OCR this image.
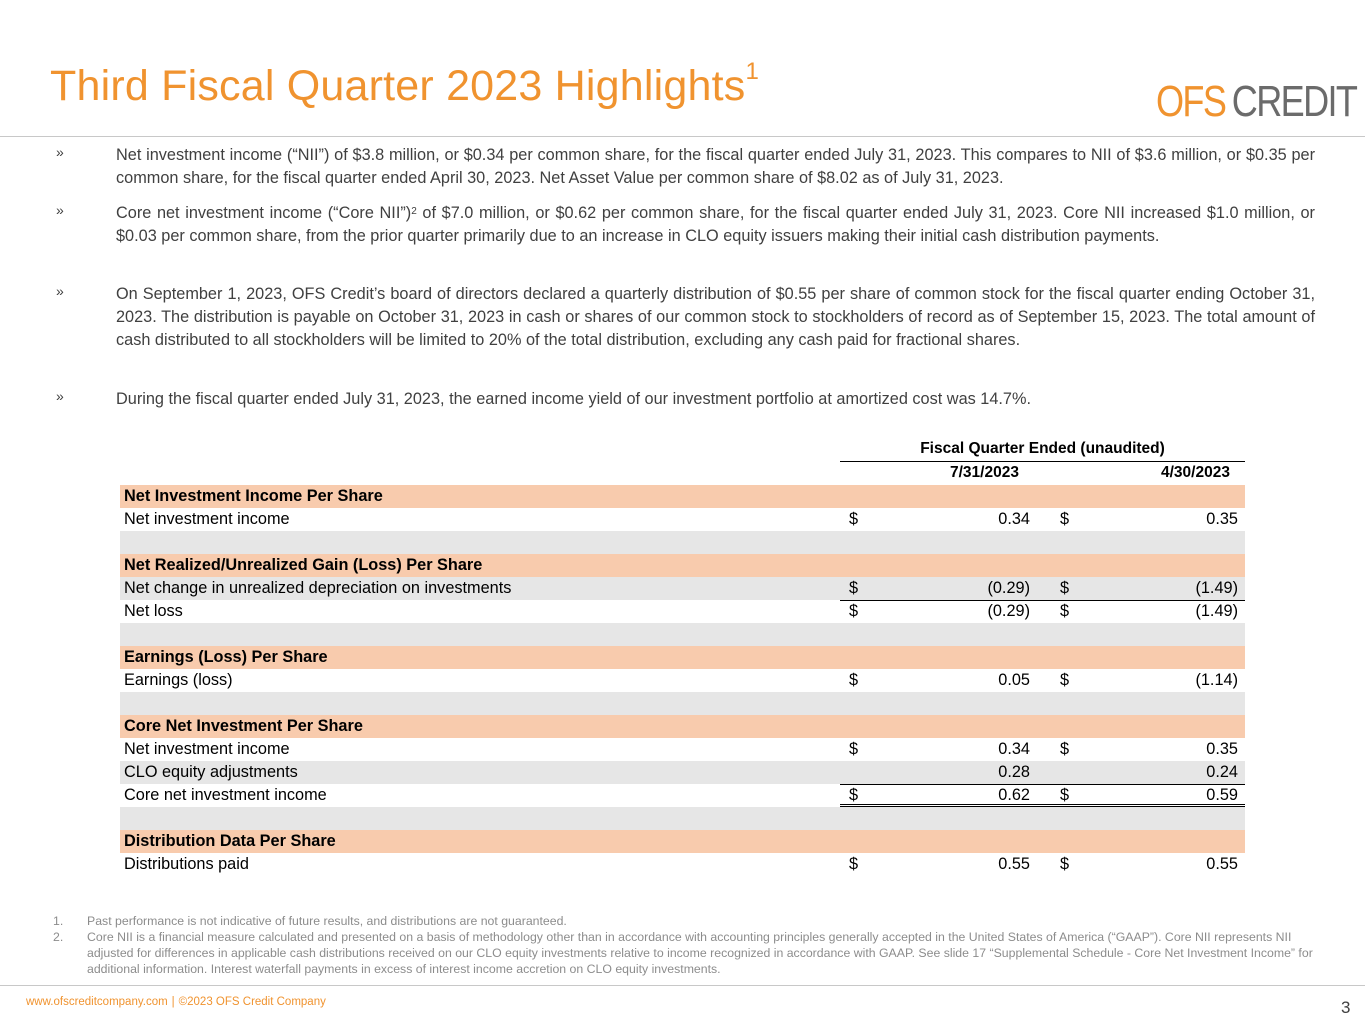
Third Fiscal Quarter 2023 Highlights$^1$
OFS CREDIT
»	Net investment income (“NII”) of $3.8 million, or $0.34 per common share, for the fiscal quarter ended July 31, 2023. This compares to NII of $3.6 million, or $0.35 per common share, for the fiscal quarter ended April 30, 2023. Net Asset Value per common share of $8.02 as of July 31, 2023.
»	Core net investment income (“Core NII”)$^2$ of $7.0 million, or $0.62 per common share, for the fiscal quarter ended July 31, 2023. Core NII increased $1.0 million, or $0.03 per common share, from the prior quarter primarily due to an increase in CLO equity issuers making their initial cash distribution payments.
»	On September 1, 2023, OFS Credit’s board of directors declared a quarterly distribution of $0.55 per share of common stock for the fiscal quarter ending October 31, 2023. The distribution is payable on October 31, 2023 in cash or shares of our common stock to stockholders of record as of September 15, 2023. The total amount of cash distributed to all stockholders will be limited to 20% of the total distribution, excluding any cash paid for fractional shares.
»	During the fiscal quarter ended July 31, 2023, the earned income yield of our investment portfolio at amortized cost was 14.7%.
Fiscal Quarter Ended (unaudited)
7/31/2023	4/30/2023
Net Investment Income Per Share
Net investment income	$	0.34 $	0.35
Net Realized/Unrealized Gain (Loss) Per Share
Net change in unrealized depreciation on investments	$	(0.29) $	(1.49)
Net loss	$	(0.29) $	(1.49)
Earnings (Loss) Per Share
Earnings (loss)	$	0.05 $	(1.14)
Core Net Investment Per Share
Net investment income	$	0.34 $	0.35
CLO equity adjustments	0.28	0.24
Core net investment income	$	0.62 $	0.59
Distribution Data Per Share
Distributions paid	$	0.55 $	0.55
1. Past performance is not indicative of future results, and distributions are not guaranteed.
2. Core NII is a financial measure calculated and presented on a basis of methodology other than in accordance with accounting principles generally accepted in the United States of America (“GAAP”). Core NII represents NII adjusted for differences in applicable cash distributions received on our CLO equity investments relative to income recognized in accordance with GAAP. See slide 17 “Supplemental Schedule - Core Net Investment Income” for additional information. Interest waterfall payments in excess of interest income accretion on CLO equity investments.
www.ofscreditcompany.com | ©2023 OFS Credit Company	3
